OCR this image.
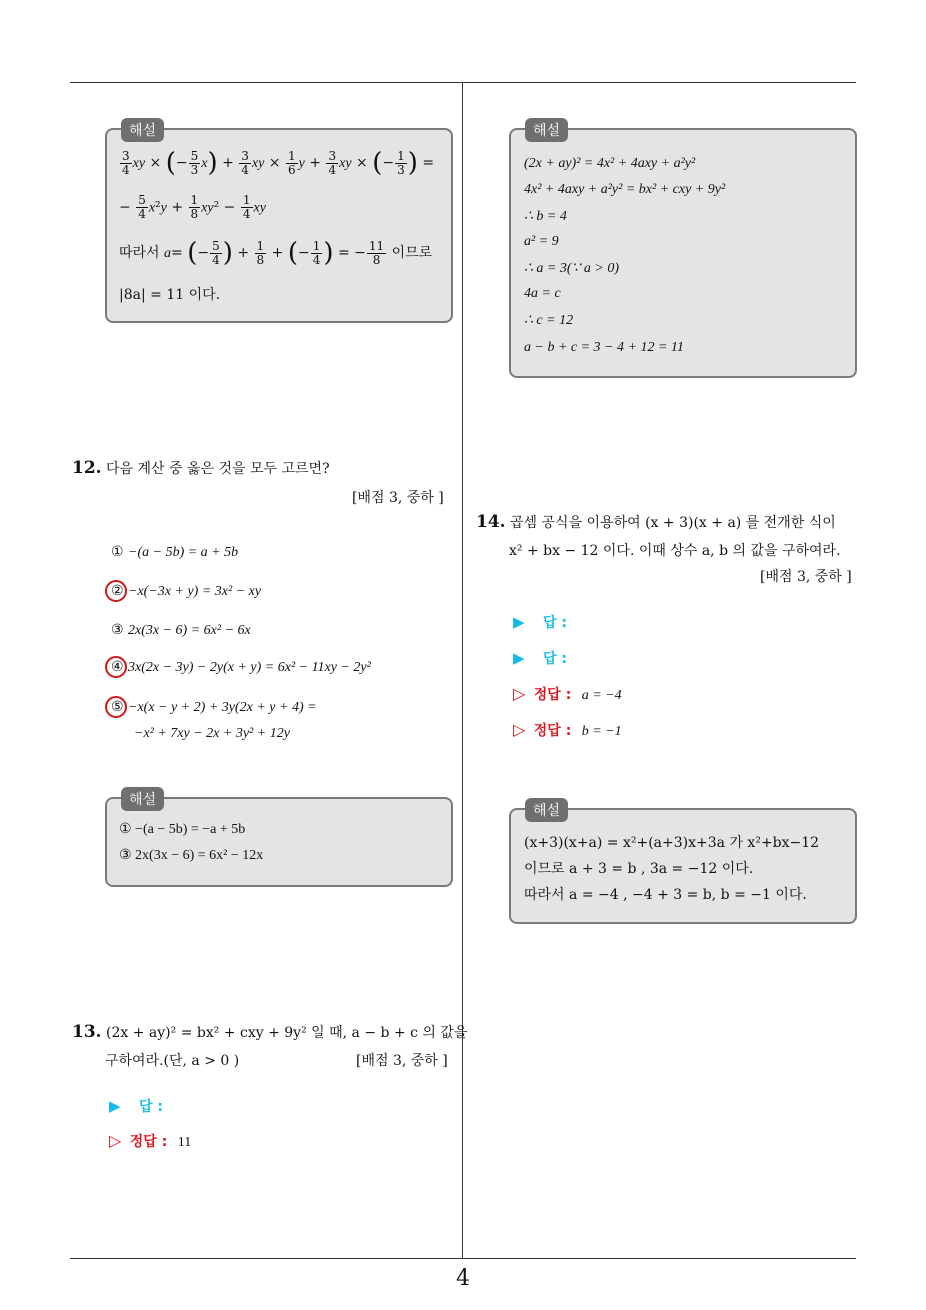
4
해설
$\frac{3}{4}$ xy × (− $\frac{5}{3} x) + \frac{3}{4}$ xy × $\frac{1}{6}$ $y + \frac{3}{4}$ xy × (− $\frac{1}{3}$ ) =
− $\frac{5}{4} x^2y + \frac{1}{8} xy^2 - \frac{1}{4}$ xy
따라서 a= (− $\frac{5}{4}$ ) + $\frac{1}{8}$ + (− $\frac{1}{4}$ ) = − $\frac{11}{8}$ 이므로
|8a| = 11 이다.
12. 다음 계산 중 옳은 것을 모두 고르면?
[배점 3, 중하 ]
① −(a − 5b) = a + 5b
② −x(−3x + y) = 3x² − xy
③ 2x(3x − 6) = 6x² − 6x
④ 3x(2x − 3y) − 2y(x + y) = 6x² − 11xy − 2y²
⑤ −x(x − y + 2) + 3y(2x + y + 4) =
−x² + 7xy − 2x + 3y² + 12y
해설
① −(a − 5b) = −a + 5b
③ 2x(3x − 6) = 6x² − 12x
13. (2x + ay)² = bx² + cxy + 9y² 일 때, a − b + c 의 값을
구하여라.(단, a > 0 )	[배점 3, 중하 ]
▶ 답 :
▷ 정답 : 11
해설
(2x + ay)² = 4x² + 4axy + a²y²
4x² + 4axy + a²y² = bx² + cxy + 9y²
∴ b = 4
a² = 9
∴ a = 3(∵ a > 0)
4a = c
∴ c = 12
a − b + c = 3 − 4 + 12 = 11
14. 곱셈 공식을 이용하여 (x + 3)(x + a) 를 전개한 식이
x² + bx − 12 이다. 이때 상수 a, b 의 값을 구하여라.
[배점 3, 중하 ]
▶ 답 :
▶ 답 :
▷ 정답 : a = −4
▷ 정답 : b = −1
해설
(x+3)(x+a) = x²+(a+3)x+3a 가 x²+bx−12
이므로 a + 3 = b , 3a = −12 이다.
따라서 a = −4 , −4 + 3 = b, b = −1 이다.
